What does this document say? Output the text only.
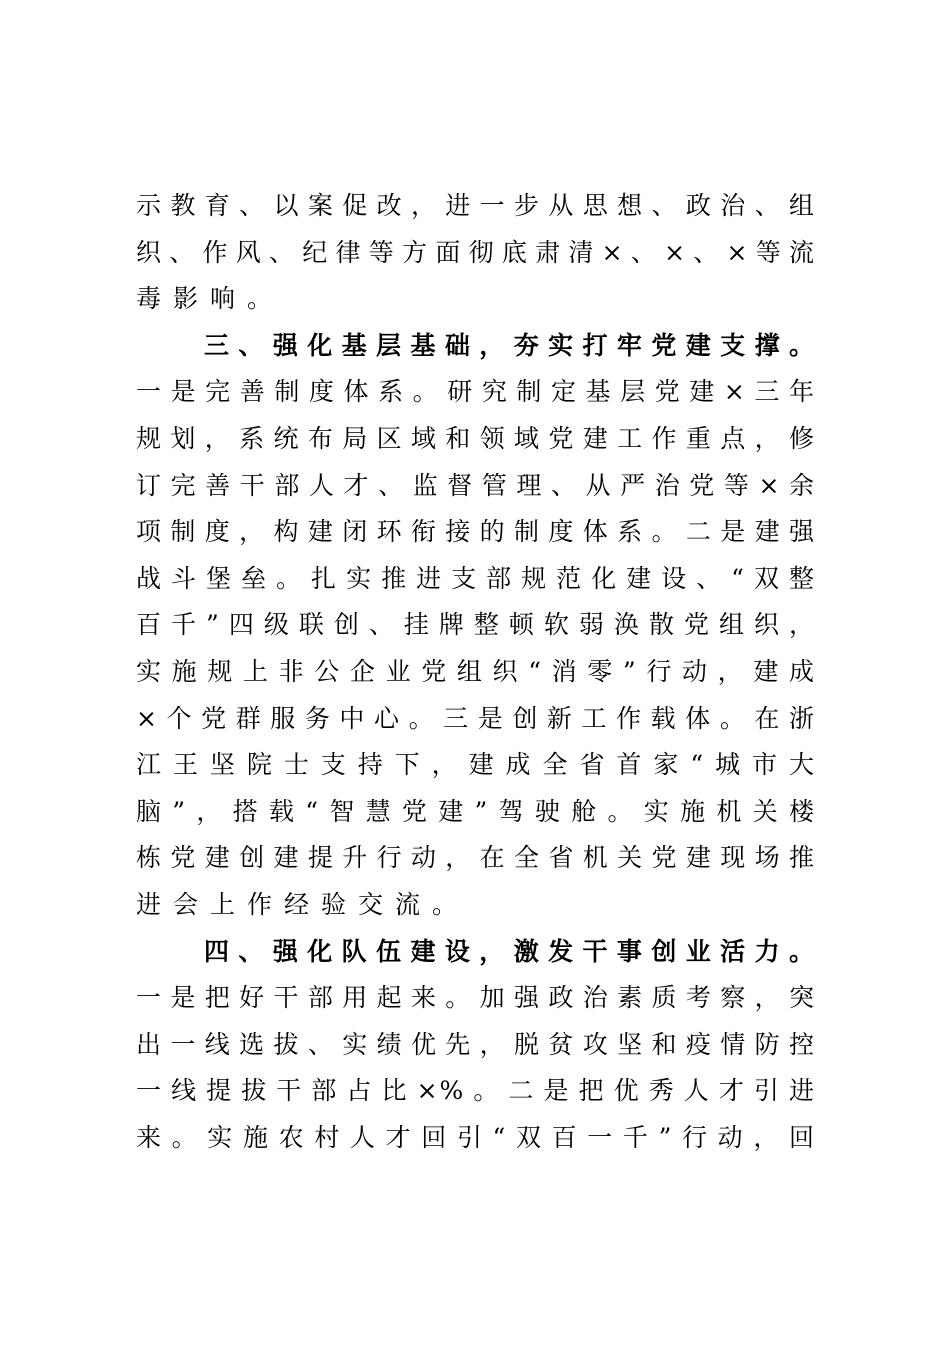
示教育、以案促改，进一步从思想、政治、组
织、作风、纪律等方面彻底肃清×、×、×等流
毒影响。
三、强化基层基础，夯实打牢党建支撑。
一是完善制度体系。研究制定基层党建×三年
规划，系统布局区域和领域党建工作重点，修
订完善干部人才、监督管理、从严治党等×余
项制度，构建闭环衔接的制度体系。二是建强
战斗堡垒。扎实推进支部规范化建设、“双整
百千”四级联创、挂牌整顿软弱涣散党组织，
实施规上非公企业党组织“消零”行动，建成
×个党群服务中心。三是创新工作载体。在浙
江王坚院士支持下，建成全省首家“城市大
脑”，搭载“智慧党建”驾驶舱。实施机关楼
栋党建创建提升行动，在全省机关党建现场推
进会上作经验交流。
四、强化队伍建设，激发干事创业活力。
一是把好干部用起来。加强政治素质考察，突
出一线选拔、实绩优先，脱贫攻坚和疫情防控
一线提拔干部占比×%。二是把优秀人才引进
来。实施农村人才回引“双百一千”行动，回
